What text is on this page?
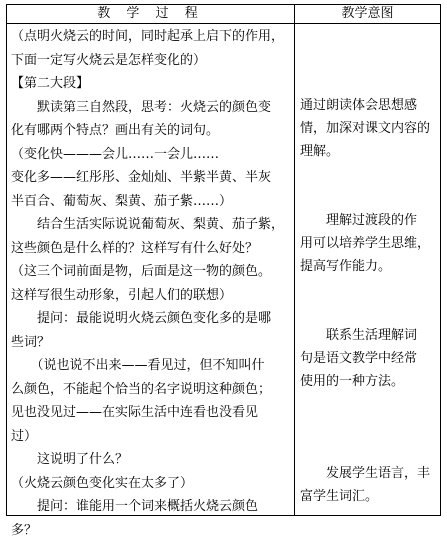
教 学 过 程	教学意图
（点明火烧云的时间，同时起承上启下的作用，
下面一定写火烧云是怎样变化的）
【第二大段】
　　默读第三自然段，思考：火烧云的颜色变
化有哪两个特点？画出有关的词句。
（变化快———会儿……一会儿……
变化多——红彤彤、金灿灿、半紫半黄、半灰
半百合、葡萄灰、梨黄、茄子紫……）
　　结合生活实际说说葡萄灰、梨黄、茄子紫，
这些颜色是什么样的？这样写有什么好处？
（这三个词前面是物，后面是这一物的颜色。
这样写很生动形象，引起人们的联想）
　　提问：最能说明火烧云颜色变化多的是哪
些词？
　　（说也说不出来——看见过，但不知叫什
么颜色，不能起个恰当的名字说明这种颜色；
见也没见过——在实际生活中连看也没看见
过）
　　这说明了什么？
（火烧云颜色变化实在太多了）
　　提问：谁能用一个词来概括火烧云颜色
多？
通过朗读体会思想感
情，加深对课文内容的
理解。
　　理解过渡段的作
用可以培养学生思维，
提高写作能力。
　　联系生活理解词
句是语文教学中经常
使用的一种方法。
　　发展学生语言，丰
富学生词汇。
